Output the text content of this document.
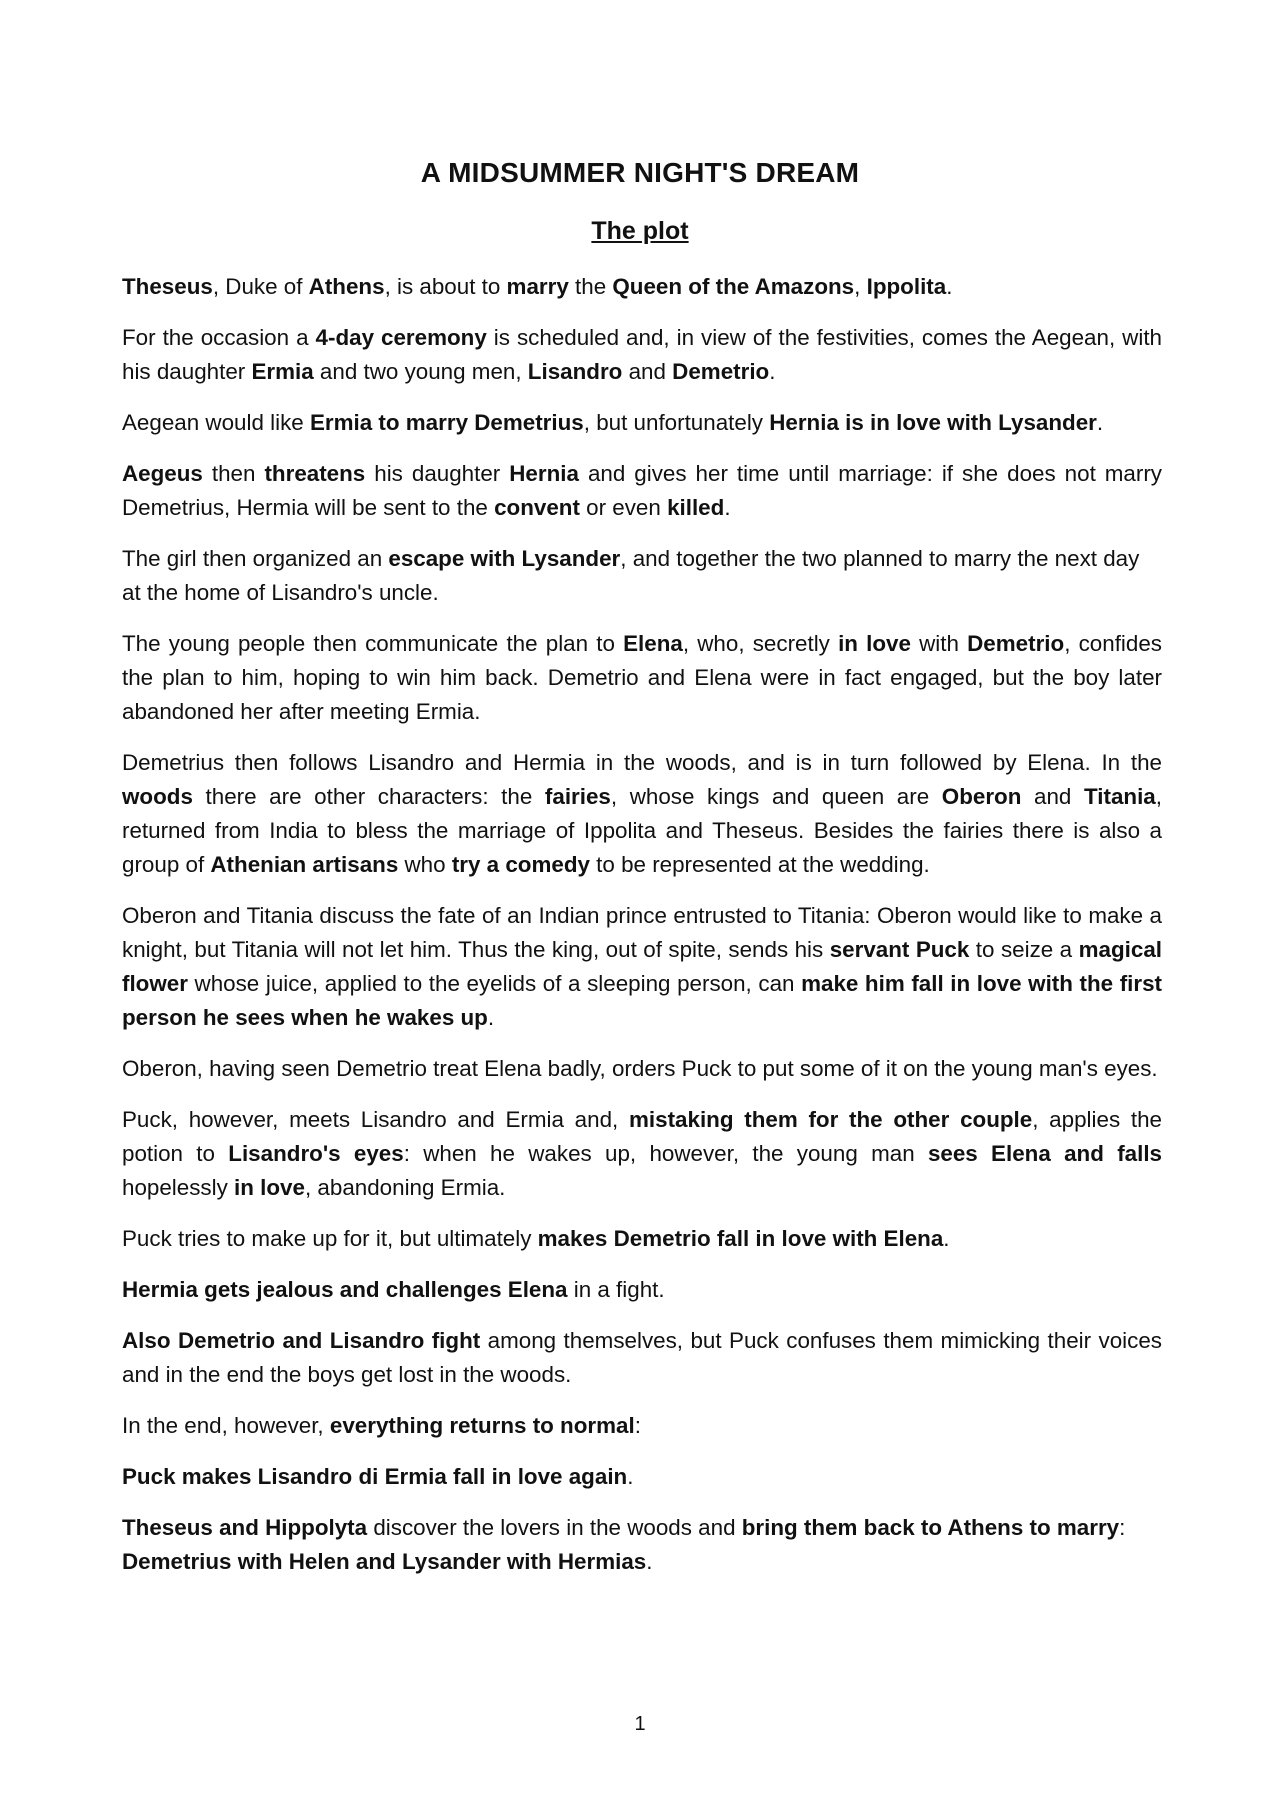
A MIDSUMMER NIGHT'S DREAM
The plot

Theseus, Duke of Athens, is about to marry the Queen of the Amazons, Ippolita.

For the occasion a 4-day ceremony is scheduled and, in view of the festivities, comes the Aegean, with his daughter Ermia and two young men, Lisandro and Demetrio.

Aegean would like Ermia to marry Demetrius, but unfortunately Hernia is in love with Lysander.

Aegeus then threatens his daughter Hernia and gives her time until marriage: if she does not marry Demetrius, Hermia will be sent to the convent or even killed.

The girl then organized an escape with Lysander, and together the two planned to marry the next day at the home of Lisandro's uncle.

The young people then communicate the plan to Elena, who, secretly in love with Demetrio, confides the plan to him, hoping to win him back. Demetrio and Elena were in fact engaged, but the boy later abandoned her after meeting Ermia.

Demetrius then follows Lisandro and Hermia in the woods, and is in turn followed by Elena. In the woods there are other characters: the fairies, whose kings and queen are Oberon and Titania, returned from India to bless the marriage of Ippolita and Theseus. Besides the fairies there is also a group of Athenian artisans who try a comedy to be represented at the wedding.

Oberon and Titania discuss the fate of an Indian prince entrusted to Titania: Oberon would like to make a knight, but Titania will not let him. Thus the king, out of spite, sends his servant Puck to seize a magical flower whose juice, applied to the eyelids of a sleeping person, can make him fall in love with the first person he sees when he wakes up.

Oberon, having seen Demetrio treat Elena badly, orders Puck to put some of it on the young man's eyes.

Puck, however, meets Lisandro and Ermia and, mistaking them for the other couple, applies the potion to Lisandro's eyes: when he wakes up, however, the young man sees Elena and falls hopelessly in love, abandoning Ermia.

Puck tries to make up for it, but ultimately makes Demetrio fall in love with Elena.

Hermia gets jealous and challenges Elena in a fight.

Also Demetrio and Lisandro fight among themselves, but Puck confuses them mimicking their voices and in the end the boys get lost in the woods.

In the end, however, everything returns to normal:

Puck makes Lisandro di Ermia fall in love again.

Theseus and Hippolyta discover the lovers in the woods and bring them back to Athens to marry: Demetrius with Helen and Lysander with Hermias.

1
